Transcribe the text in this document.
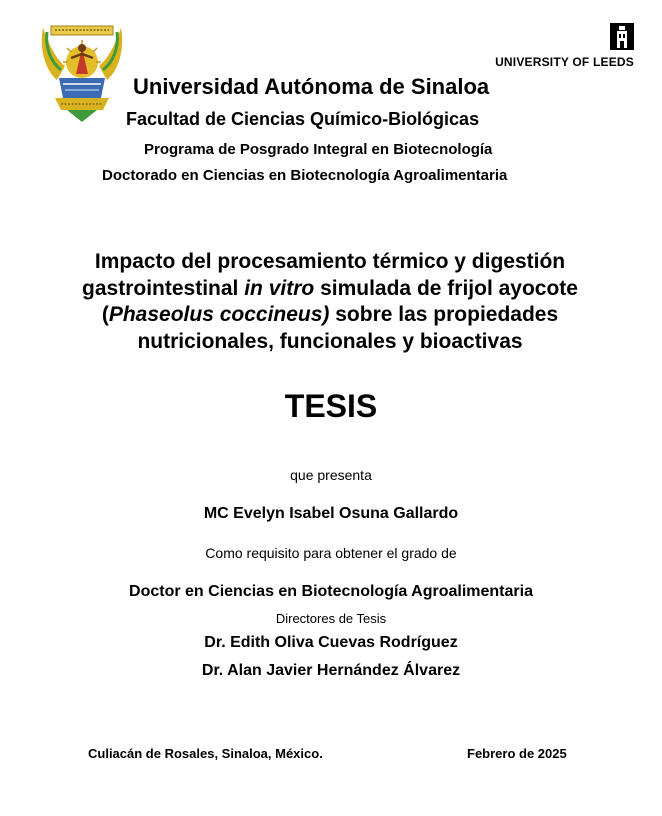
UNIVERSITY OF LEEDS
Universidad Autónoma de Sinaloa
Facultad de Ciencias Químico-Biológicas
Programa de Posgrado Integral en Biotecnología
Doctorado en Ciencias en Biotecnología Agroalimentaria
Impacto del procesamiento térmico y digestión gastrointestinal in vitro simulada de frijol ayocote (Phaseolus coccineus) sobre las propiedades nutricionales, funcionales y bioactivas
TESIS
que presenta
MC Evelyn Isabel Osuna Gallardo
Como requisito para obtener el grado de
Doctor en Ciencias en Biotecnología Agroalimentaria
Directores de Tesis
Dr. Edith Oliva Cuevas Rodríguez
Dr. Alan Javier Hernández Álvarez
Culiacán de Rosales, Sinaloa, México.	Febrero de 2025
